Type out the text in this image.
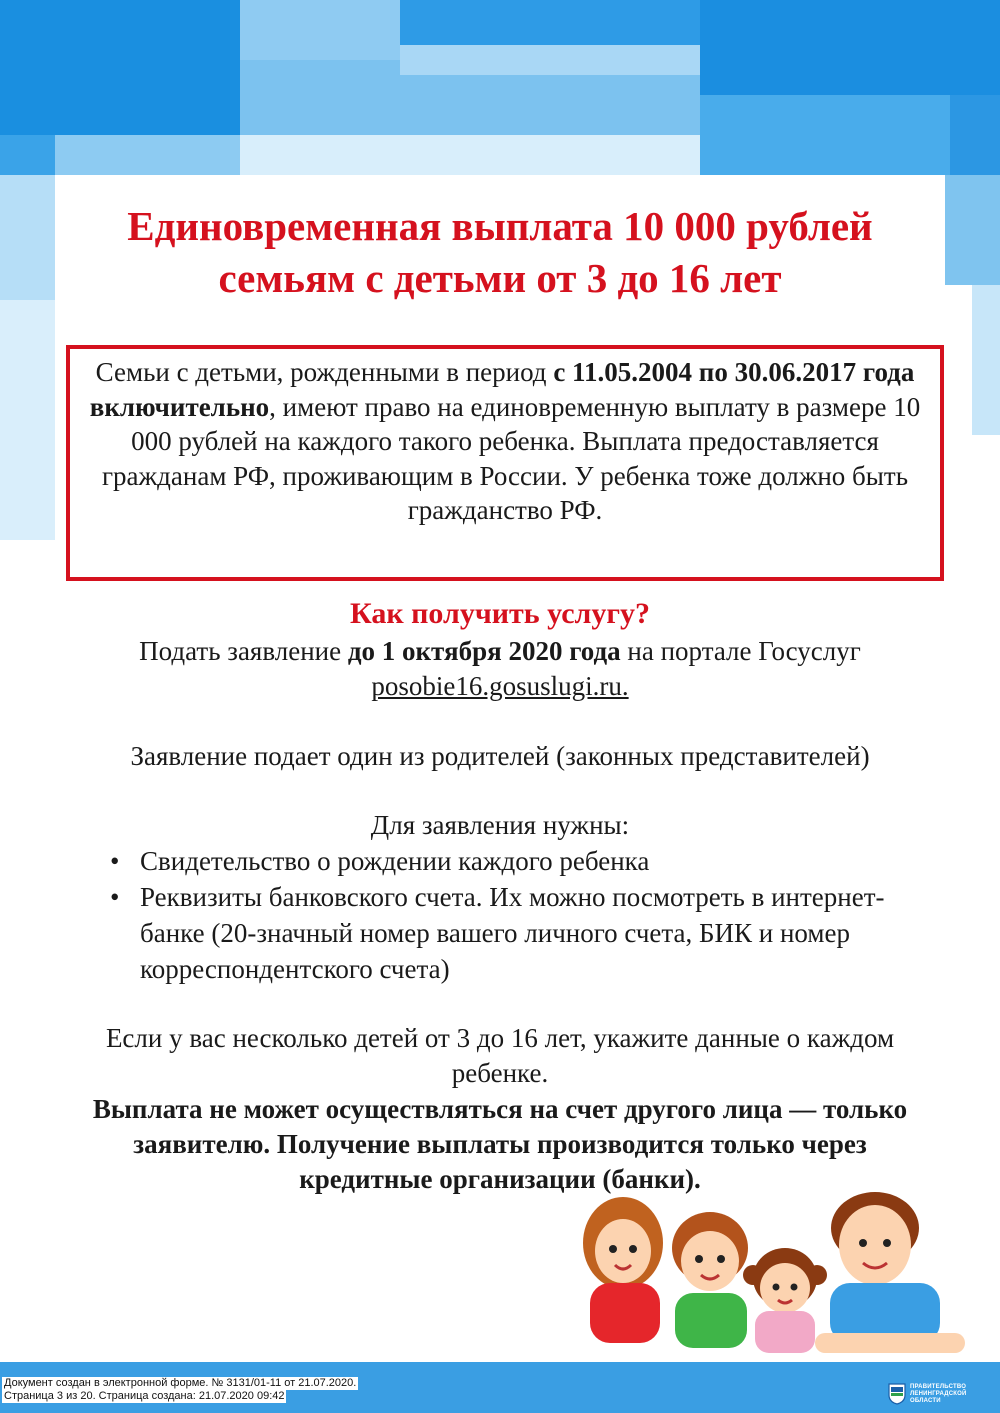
Единовременная выплата 10 000 рублей
семьям с детьми от 3 до 16 лет
Семьи с детьми, рожденными в период с 11.05.2004 по 30.06.2017 года включительно, имеют право на единовременную выплату в размере 10 000 рублей на каждого такого ребенка. Выплата предоставляется гражданам РФ, проживающим в России. У ребенка тоже должно быть гражданство РФ.
Как получить услугу?

Подать заявление до 1 октября 2020 года на портале Госуслуг
posobie16.gosuslugi.ru.

Заявление подает один из родителей (законных представителей)

Для заявления нужны:

• Свидетельство о рождении каждого ребенка
• Реквизиты банковского счета. Их можно посмотреть в интернет-банке (20-значный номер вашего личного счета, БИК и номер корреспондентского счета)

Если у вас несколько детей от 3 до 16 лет, укажите данные о каждом ребенке.

Выплата не может осуществляться на счет другого лица — только заявителю. Получение выплаты производится только через кредитные организации (банки).

Документ создан в электронной форме. № 3131/01-11 от 21.07.2020.
Страница 3 из 20. Страница создана: 21.07.2020 09:42
ПРАВИТЕЛЬСТВО
ЛЕНИНГРАДСКОЙ
ОБЛАСТИ
